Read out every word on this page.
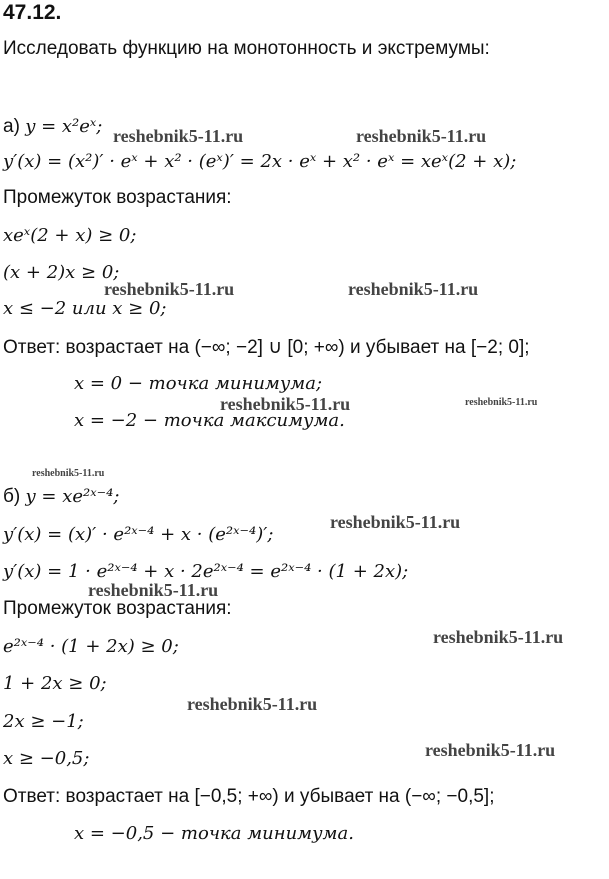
47.12.
Исследовать функцию на монотонность и экстремумы:
а) y = x²eˣ;
y′(x) = (x²)′ · eˣ + x² · (eˣ)′ = 2x · eˣ + x² · eˣ = xeˣ(2 + x);
Промежуток возрастания:
xeˣ(2 + x) ≥ 0;
(x + 2)x ≥ 0;
x ≤ −2 или x ≥ 0;
Ответ: возрастает на (−∞; −2] ∪ [0; +∞) и убывает на [−2; 0];
x = 0 − точка минимума;
x = −2 − точка максимума.
б) y = xe²ˣ⁻⁴;
y′(x) = (x)′ · e²ˣ⁻⁴ + x · (e²ˣ⁻⁴)′;
y′(x) = 1 · e²ˣ⁻⁴ + x · 2e²ˣ⁻⁴ = e²ˣ⁻⁴ · (1 + 2x);
Промежуток возрастания:
e²ˣ⁻⁴ · (1 + 2x) ≥ 0;
1 + 2x ≥ 0;
2x ≥ −1;
x ≥ −0,5;
Ответ: возрастает на [−0,5; +∞) и убывает на (−∞; −0,5];
x = −0,5 − точка минимума.
reshebnik5-11.ru	reshebnik5-11.ru
reshebnik5-11.ru	reshebnik5-11.ru
reshebnik5-11.ru	reshebnik5-11.ru
reshebnik5-11.ru
reshebnik5-11.ru
reshebnik5-11.ru
reshebnik5-11.ru
reshebnik5-11.ru
reshebnik5-11.ru
